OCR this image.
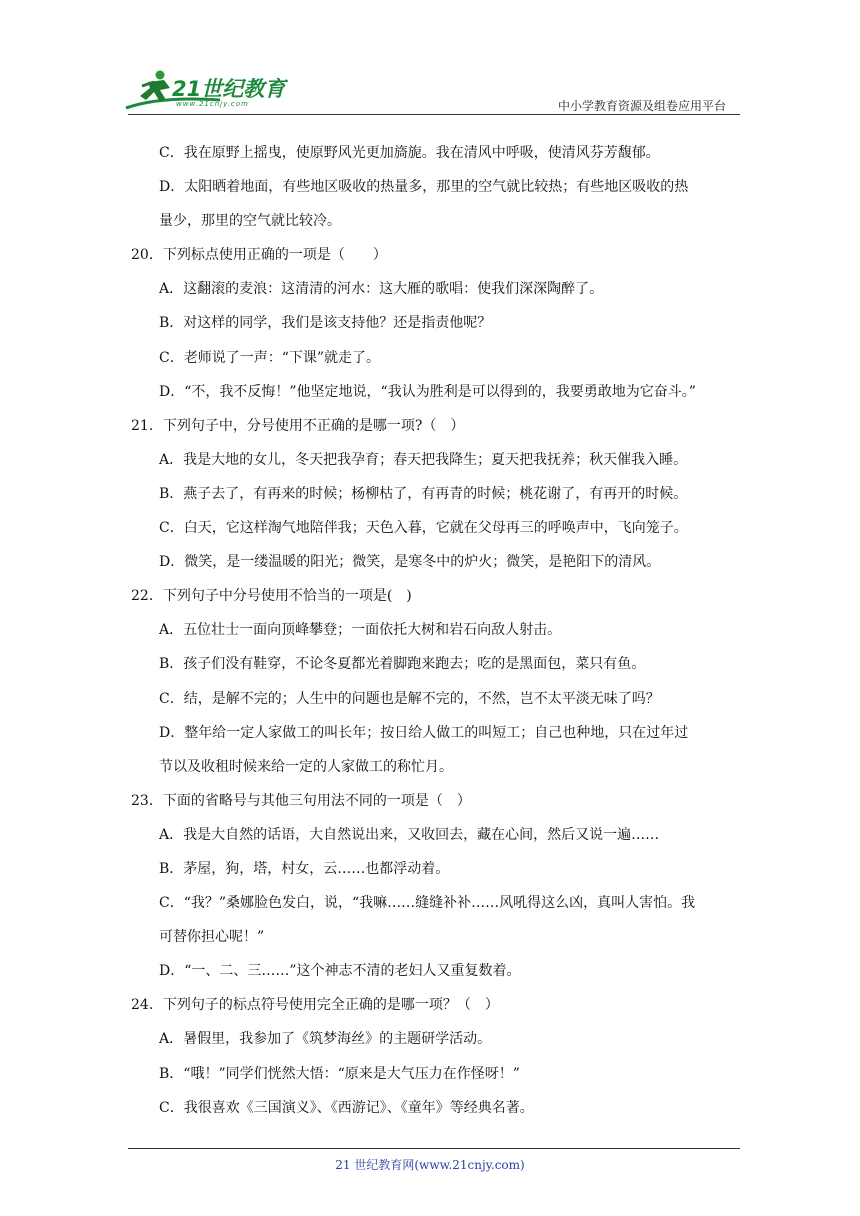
21世纪教育
www.21cnjy.com	中小学教育资源及组卷应用平台
C．我在原野上摇曳，使原野风光更加旖旎。我在清风中呼吸，使清风芬芳馥郁。
D．太阳晒着地面，有些地区吸收的热量多，那里的空气就比较热；有些地区吸收的热
量少，那里的空气就比较冷。
20．下列标点使用正确的一项是（　　）
A．这翻滚的麦浪：这清清的河水：这大雁的歌唱：使我们深深陶醉了。
B．对这样的同学，我们是该支持他？还是指责他呢？
C．老师说了一声：“下课”就走了。
D．“不，我不反悔！”他坚定地说，“我认为胜利是可以得到的，我要勇敢地为它奋斗。”
21．下列句子中，分号使用不正确的是哪一项?（　）
A．我是大地的女儿，冬天把我孕育；春天把我降生；夏天把我抚养；秋天催我入睡。
B．燕子去了，有再来的时候；杨柳枯了，有再青的时候；桃花谢了，有再开的时候。
C．白天，它这样淘气地陪伴我；天色入暮，它就在父母再三的呼唤声中，飞向笼子。
D．微笑，是一缕温暖的阳光；微笑，是寒冬中的炉火；微笑，是艳阳下的清风。
22．下列句子中分号使用不恰当的一项是(　)
A．五位壮士一面向顶峰攀登；一面依托大树和岩石向敌人射击。
B．孩子们没有鞋穿，不论冬夏都光着脚跑来跑去；吃的是黑面包，菜只有鱼。
C．结，是解不完的；人生中的问题也是解不完的，不然，岂不太平淡无味了吗？
D．整年给一定人家做工的叫长年；按日给人做工的叫短工；自己也种地，只在过年过
节以及收租时候来给一定的人家做工的称忙月。
23．下面的省略号与其他三句用法不同的一项是（　）
A．我是大自然的话语，大自然说出来，又收回去，藏在心间，然后又说一遍……
B．茅屋，狗，塔，村女，云……也都浮动着。
C．“我？”桑娜脸色发白，说，“我嘛……缝缝补补……风吼得这么凶，真叫人害怕。我
可替你担心呢！”
D．“一、二、三……”这个神志不清的老妇人又重复数着。
24．下列句子的标点符号使用完全正确的是哪一项？（　）
A．暑假里，我参加了《筑梦海丝》的主题研学活动。
B．“哦！”同学们恍然大悟：“原来是大气压力在作怪呀！”
C．我很喜欢《三国演义》、《西游记》、《童年》等经典名著。
21 世纪教育网(www.21cnjy.com)
